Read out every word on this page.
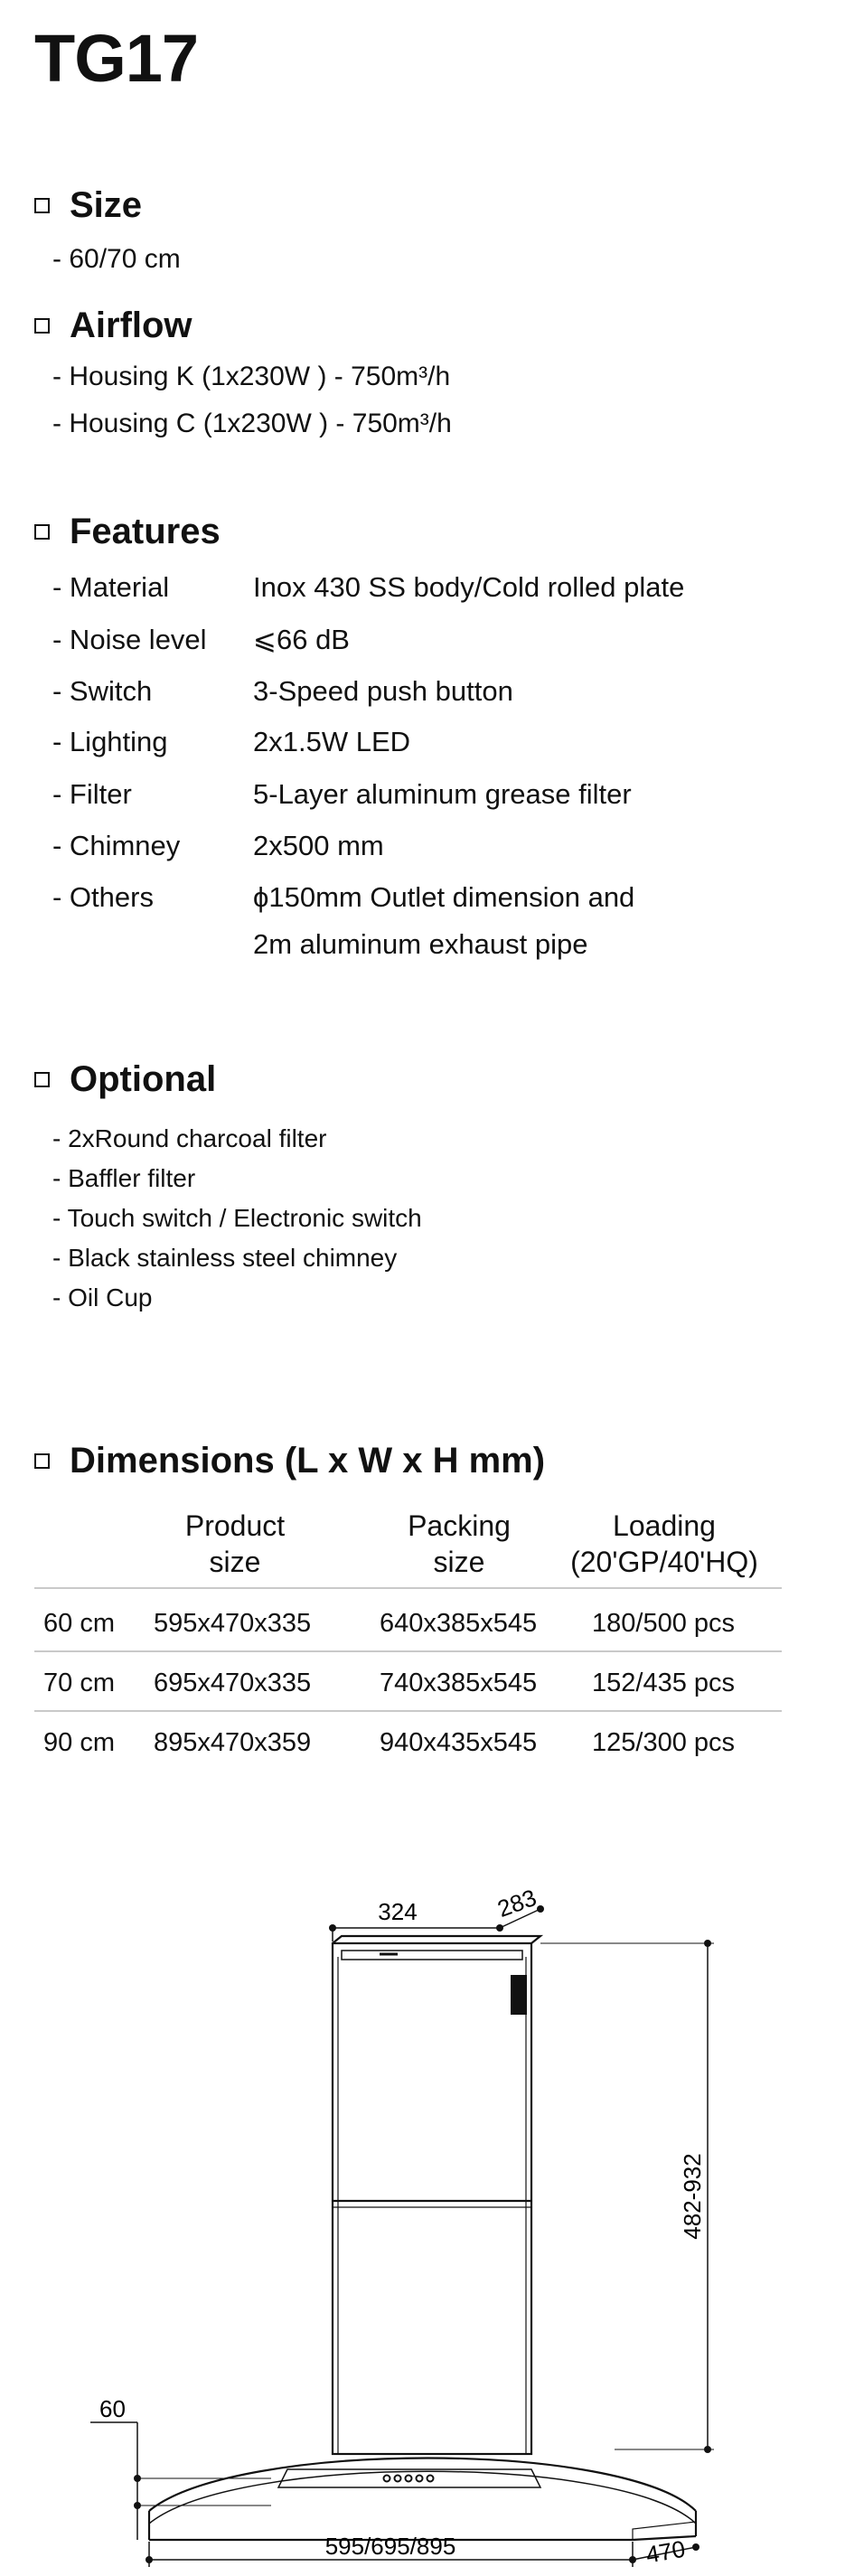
TG17
Size
- 60/70 cm
Airflow
- Housing K (1x230W ) - 750m³/h
- Housing C (1x230W ) - 750m³/h
Features
- Material	Inox 430 SS body/Cold rolled plate
- Noise level ⩽66 dB
- Switch	3-Speed push button
- Lighting	2x1.5W LED
- Filter	5-Layer aluminum grease filter
- Chimney	2x500 mm
- Others	ϕ150mm Outlet dimension and
2m aluminum exhaust pipe
Optional
- 2xRound charcoal filter
- Baffler filter
- Touch switch / Electronic switch
- Black stainless steel chimney
- Oil Cup
Dimensions (L x W x H mm)
Product
size
Packing
size
Loading
(20'GP/40'HQ)
60 cm 595x470x335	640x385x545 180/500 pcs
70 cm 695x470x335	740x385x545 152/435 pcs
90 cm 895x470x359	940x435x545 125/300 pcs
324	283
482-932
60
595/695/895	470
